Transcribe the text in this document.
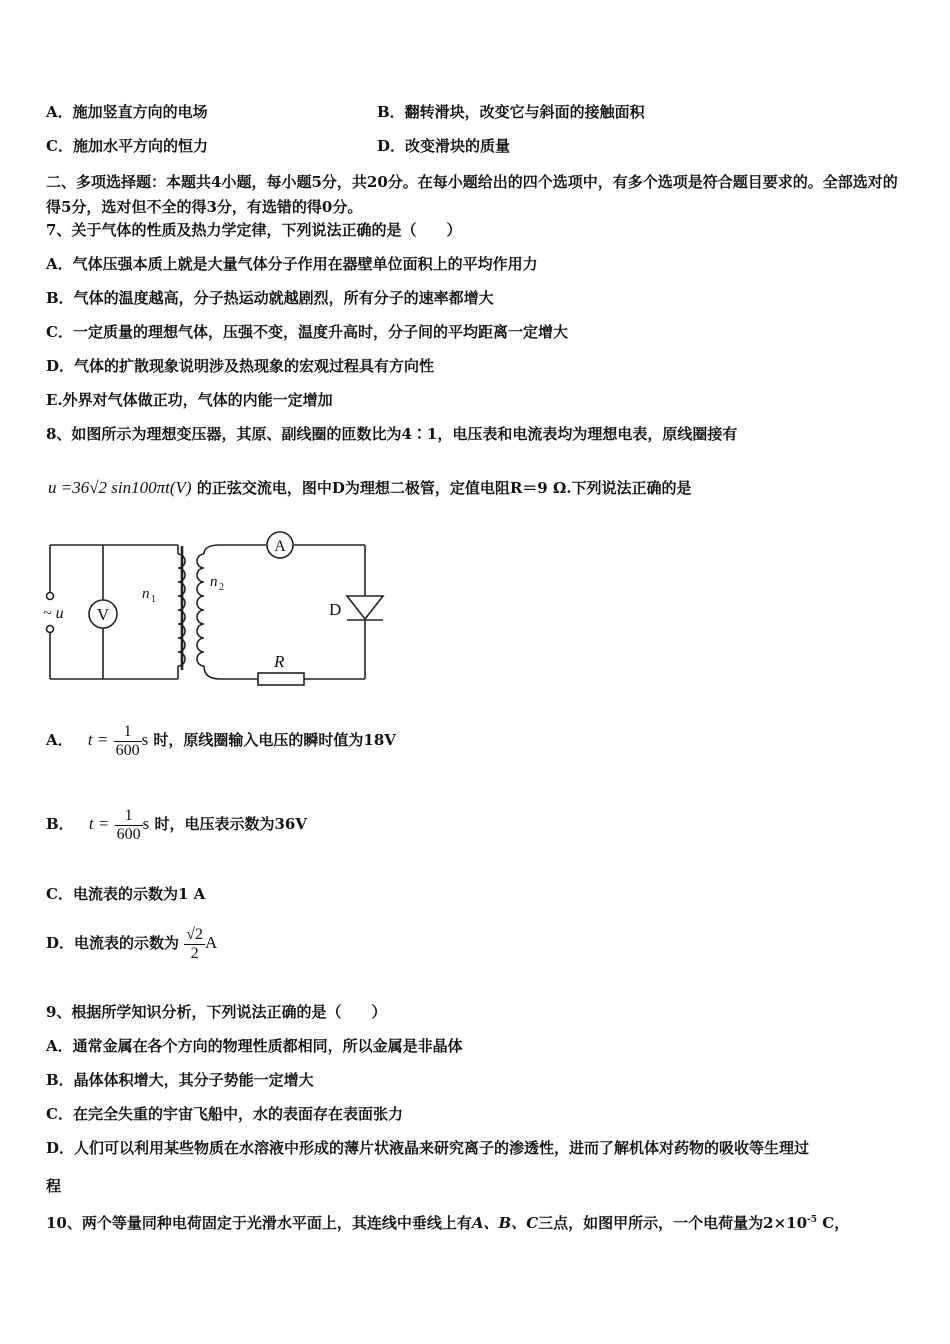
A．施加竖直方向的电场	B．翻转滑块，改变它与斜面的接触面积
C．施加水平方向的恒力	D．改变滑块的质量
二、多项选择题：本题共4小题，每小题5分，共20分。在每小题给出的四个选项中，有多个选项是符合题目要求的。全部选对的得5分，选对但不全的得3分，有选错的得0分。
7、关于气体的性质及热力学定律，下列说法正确的是（　　）
A．气体压强本质上就是大量气体分子作用在器壁单位面积上的平均作用力
B．气体的温度越高，分子热运动就越剧烈，所有分子的速率都增大
C．一定质量的理想气体，压强不变，温度升高时，分子间的平均距离一定增大
D．气体的扩散现象说明涉及热现象的宏观过程具有方向性
E.外界对气体做正功，气体的内能一定增加
8、如图所示为理想变压器，其原、副线圈的匝数比为4∶1，电压表和电流表均为理想电表，原线圈接有
u =36√2 sin100πt(V) 的正弦交流电，图中D为理想二极管，定值电阻R＝9 Ω.下列说法正确的是
V
A
~ u
n 1
n 2
D
R
A． $t = \frac{1}{600}$ s 时，原线圈输入电压的瞬时值为18V
B． $t = \frac{1}{600}$ s 时，电压表示数为36V
C．电流表的示数为1 A
D．电流表的示数为 $\frac{√2}{2}$ A
9、根据所学知识分析，下列说法正确的是（　　）
A．通常金属在各个方向的物理性质都相同，所以金属是非晶体
B．晶体体积增大，其分子势能一定增大
C．在完全失重的宇宙飞船中，水的表面存在表面张力
D．人们可以利用某些物质在水溶液中形成的薄片状液晶来研究离子的渗透性，进而了解机体对药物的吸收等生理过
程
10、两个等量同种电荷固定于光滑水平面上，其连线中垂线上有A、B、C三点，如图甲所示，一个电荷量为$2\times 10^{-5}$ C，
